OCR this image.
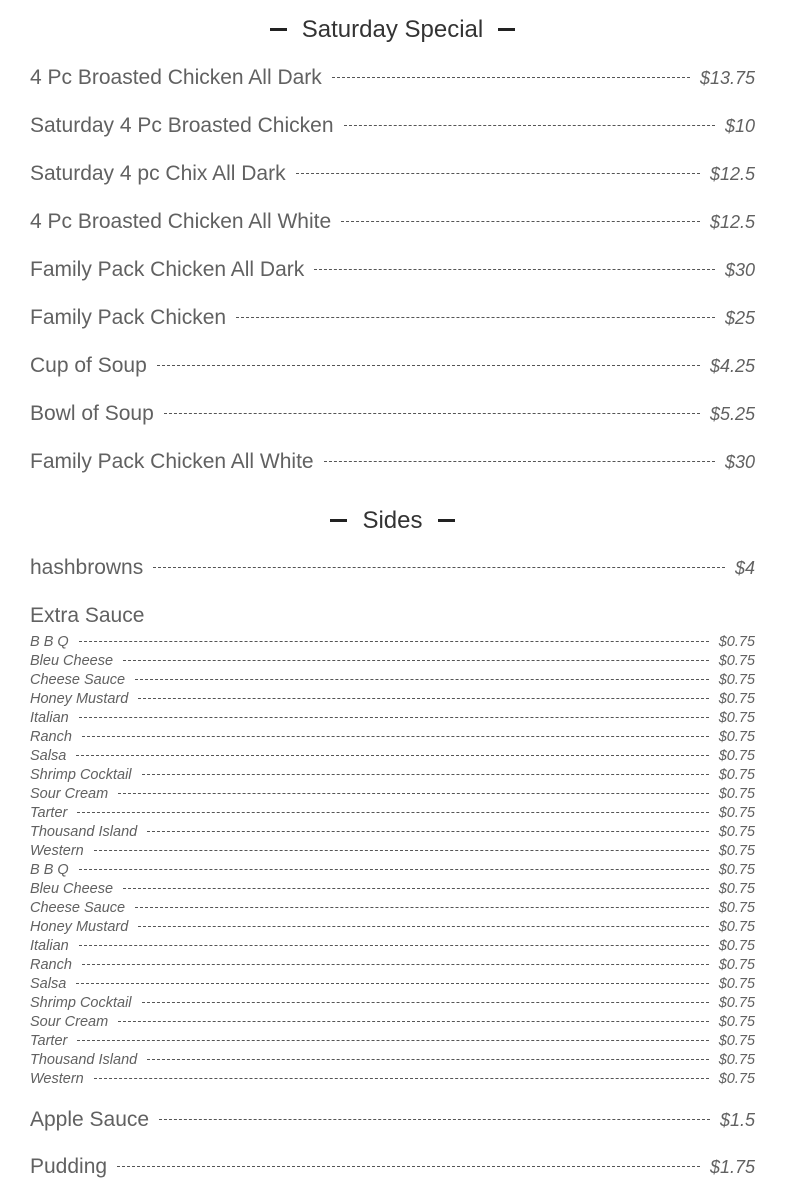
Saturday Special
4 Pc Broasted Chicken All Dark	$13.75
Saturday 4 Pc Broasted Chicken	$10
Saturday 4 pc Chix All Dark	$12.5
4 Pc Broasted Chicken All White	$12.5
Family Pack Chicken All Dark	$30
Family Pack Chicken	$25
Cup of Soup	$4.25
Bowl of Soup	$5.25
Family Pack Chicken All White	$30
Sides
hashbrowns	$4
Extra Sauce
B B Q	$0.75
Bleu Cheese	$0.75
Cheese Sauce	$0.75
Honey Mustard	$0.75
Italian	$0.75
Ranch	$0.75
Salsa	$0.75
Shrimp Cocktail	$0.75
Sour Cream	$0.75
Tarter	$0.75
Thousand Island	$0.75
Western	$0.75
B B Q	$0.75
Bleu Cheese	$0.75
Cheese Sauce	$0.75
Honey Mustard	$0.75
Italian	$0.75
Ranch	$0.75
Salsa	$0.75
Shrimp Cocktail	$0.75
Sour Cream	$0.75
Tarter	$0.75
Thousand Island	$0.75
Western	$0.75
Apple Sauce	$1.5
Pudding	$1.75
